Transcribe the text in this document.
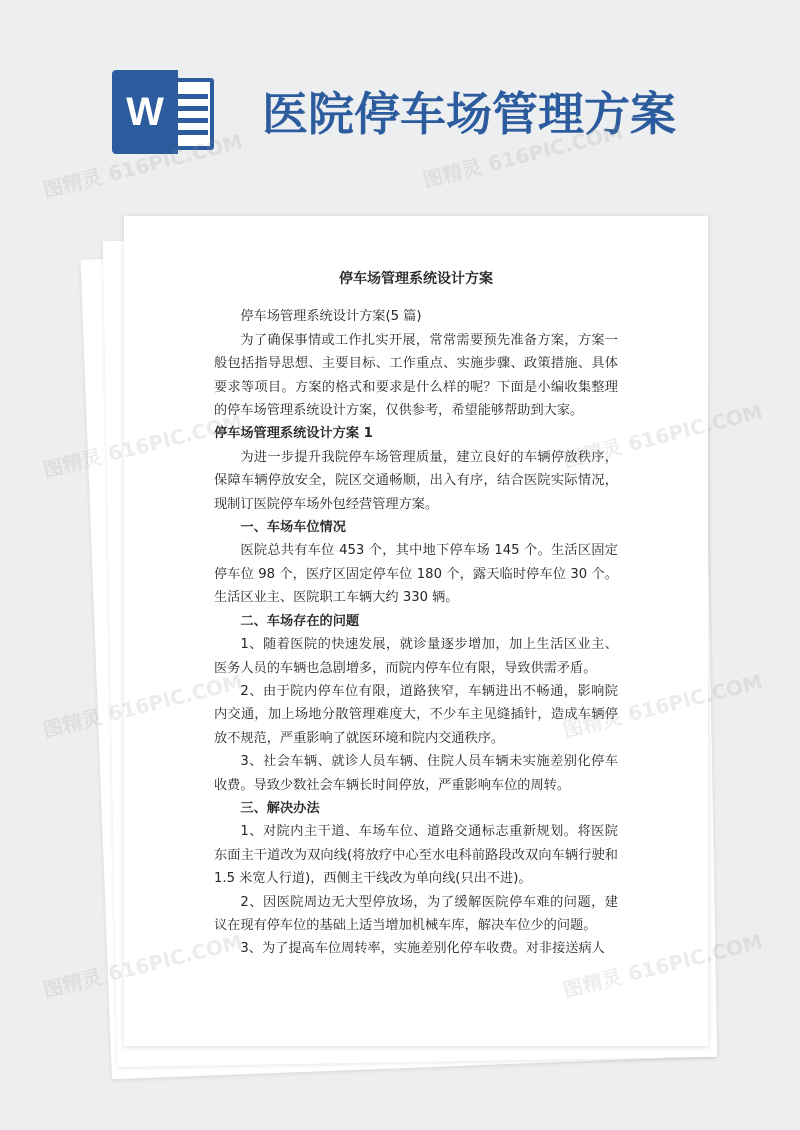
W	医院停车场管理方案
停车场管理系统设计方案
停车场管理系统设计方案(5 篇)
为了确保事情或工作扎实开展，常常需要预先准备方案，方案一般包括指导思想、主要目标、工作重点、实施步骤、政策措施、具体要求等项目。方案的格式和要求是什么样的呢？下面是小编收集整理的停车场管理系统设计方案，仅供参考，希望能够帮助到大家。
停车场管理系统设计方案 1
为进一步提升我院停车场管理质量，建立良好的车辆停放秩序，保障车辆停放安全，院区交通畅顺，出入有序，结合医院实际情况，现制订医院停车场外包经营管理方案。
一、车场车位情况
医院总共有车位 453 个，其中地下停车场 145 个。生活区固定停车位 98 个，医疗区固定停车位 180 个，露天临时停车位 30 个。生活区业主、医院职工车辆大约 330 辆。
二、车场存在的问题
1、随着医院的快速发展，就诊量逐步增加，加上生活区业主、医务人员的车辆也急剧增多，而院内停车位有限，导致供需矛盾。
2、由于院内停车位有限，道路狭窄，车辆进出不畅通，影响院内交通，加上场地分散管理难度大，不少车主见缝插针，造成车辆停放不规范，严重影响了就医环境和院内交通秩序。
3、社会车辆、就诊人员车辆、住院人员车辆未实施差别化停车收费。导致少数社会车辆长时间停放，严重影响车位的周转。
三、解决办法
1、对院内主干道、车场车位、道路交通标志重新规划。将医院东面主干道改为双向线(将放疗中心至水电科前路段改双向车辆行驶和 1.5 米宽人行道)，西侧主干线改为单向线(只出不进)。
2、因医院周边无大型停放场，为了缓解医院停车难的问题，建议在现有停车位的基础上适当增加机械车库，解决车位少的问题。
3、为了提高车位周转率，实施差别化停车收费。对非接送病人
图精灵 616PIC.COM	图精灵 616PIC.COM
图精灵
图精灵
图精灵
